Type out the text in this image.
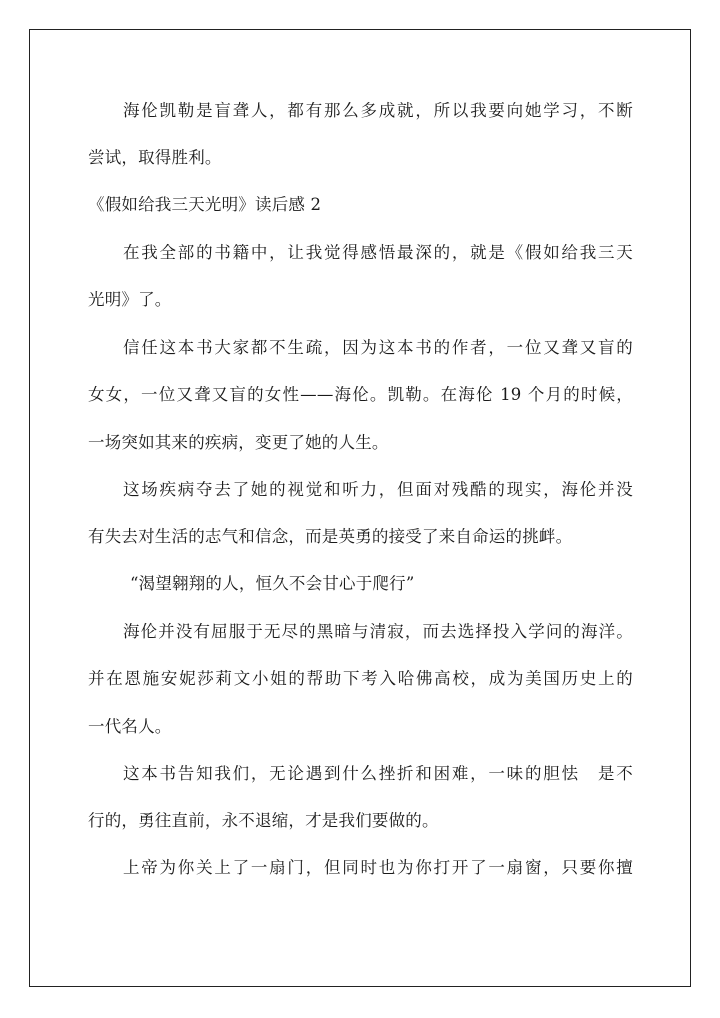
海伦凯勒是盲聋人，都有那么多成就，所以我要向她学习，不断
尝试，取得胜利。
《假如给我三天光明》读后感 2
在我全部的书籍中，让我觉得感悟最深的，就是《假如给我三天
光明》了。
信任这本书大家都不生疏，因为这本书的作者，一位又聋又盲的
女女，一位又聋又盲的女性——海伦。凯勒。在海伦 19 个月的时候，
一场突如其来的疾病，变更了她的人生。
这场疾病夺去了她的视觉和听力，但面对残酷的现实，海伦并没
有失去对生活的志气和信念，而是英勇的接受了来自命运的挑衅。
“渴望翱翔的人，恒久不会甘心于爬行”
海伦并没有屈服于无尽的黑暗与清寂，而去选择投入学问的海洋。
并在恩施安妮莎莉文小姐的帮助下考入哈佛高校，成为美国历史上的
一代名人。
这本书告知我们，无论遇到什么挫折和困难，一味的胆怯　是不
行的，勇往直前，永不退缩，才是我们要做的。
上帝为你关上了一扇门，但同时也为你打开了一扇窗，只要你擅
